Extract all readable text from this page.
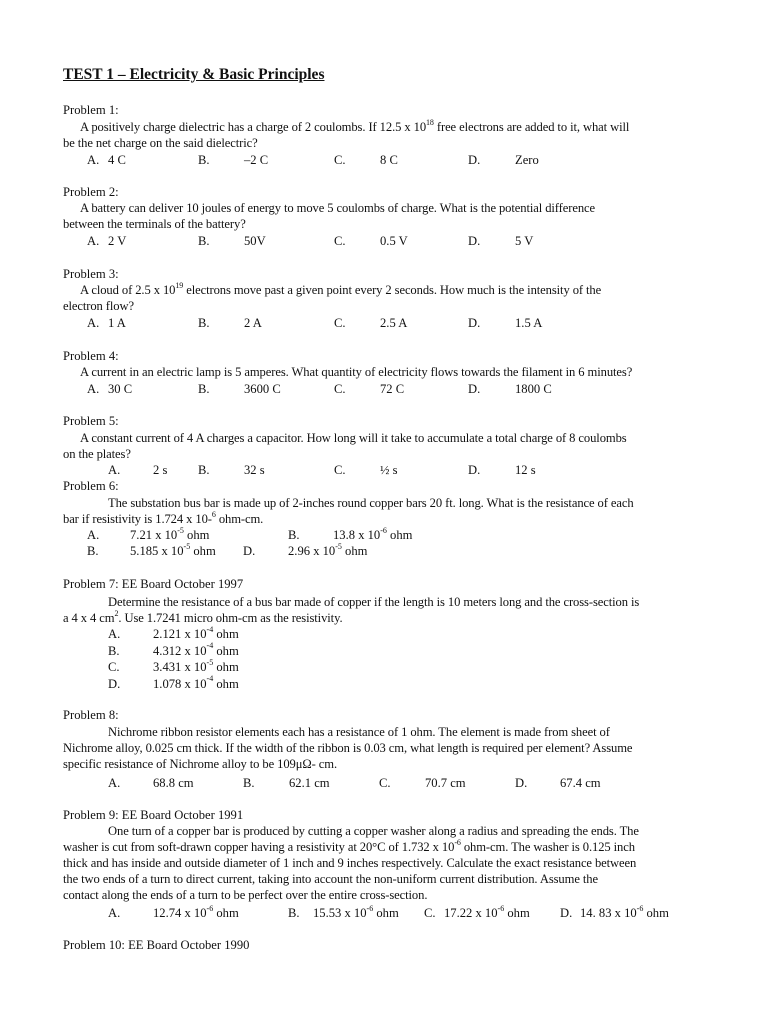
TEST 1 – Electricity & Basic Principles
Problem 1:
A positively charge dielectric has a charge of 2 coulombs. If 12.5 x $10^{18}$ free electrons are added to it, what will
be the net charge on the said dielectric?
A. 4 C	B.	–2 C	C.	8 C	D.	Zero
Problem 2:
A battery can deliver 10 joules of energy to move 5 coulombs of charge. What is the potential difference
between the terminals of the battery?
A. 2 V	B.	50V	C.	0.5 V	D.	5 V
Problem 3:
A cloud of 2.5 x $10^{19}$ electrons move past a given point every 2 seconds. How much is the intensity of the
electron flow?
A. 1 A	B.	2 A	C.	2.5 A	D.	1.5 A
Problem 4:
A current in an electric lamp is 5 amperes. What quantity of electricity flows towards the filament in 6 minutes?
A. 30 C	B.	3600 C	C.	72 C	D.	1800 C
Problem 5:
A constant current of 4 A charges a capacitor. How long will it take to accumulate a total charge of 8 coulombs
on the plates?
A.	2 s B.	32 s	C.	½ s	D.	12 s
Problem 6:
The substation bus bar is made up of 2-inches round copper bars 20 ft. long. What is the resistance of each
bar if resistivity is 1.724 x 10-$^6$ ohm-cm.
A. 7.21 x $10^{-5}$ ohm	B.	13.8 x $10^{-6}$ ohm
B. 5.185 x $10^{-5}$ ohm D.	2.96 x $10^{-5}$ ohm
Problem 7: EE Board October 1997
Determine the resistance of a bus bar made of copper if the length is 10 meters long and the cross-section is
a 4 x 4 $cm^2$. Use 1.7241 micro ohm-cm as the resistivity.
A.	2.121 x $10^{-4}$ ohm
B.	4.312 x $10^{-4}$ ohm
C.	3.431 x $10^{-5}$ ohm
D.	1.078 x $10^{-4}$ ohm
Problem 8:
Nichrome ribbon resistor elements each has a resistance of 1 ohm. The element is made from sheet of
Nichrome alloy, 0.025 cm thick. If the width of the ribbon is 0.03 cm, what length is required per element? Assume
specific resistance of Nichrome alloy to be 109μΩ- cm.
A.	68.8 cm	B.	62.1 cm	C.	70.7 cm	D.	67.4 cm
Problem 9: EE Board October 1991
One turn of a copper bar is produced by cutting a copper washer along a radius and spreading the ends. The
washer is cut from soft-drawn copper having a resistivity at 20°C of 1.732 x $10^{-6}$ ohm-cm. The washer is 0.125 inch
thick and has inside and outside diameter of 1 inch and 9 inches respectively. Calculate the exact resistance between
the two ends of a turn to direct current, taking into account the non-uniform current distribution. Assume the
contact along the ends of a turn to be perfect over the entire cross-section.
A.	12.74 x $10^{-6}$ ohm	B. 15.53 x $10^{-6}$ ohm C. 17.22 x $10^{-6}$ ohm D. 14. 83 x $10^{-6}$ ohm
Problem 10: EE Board October 1990
